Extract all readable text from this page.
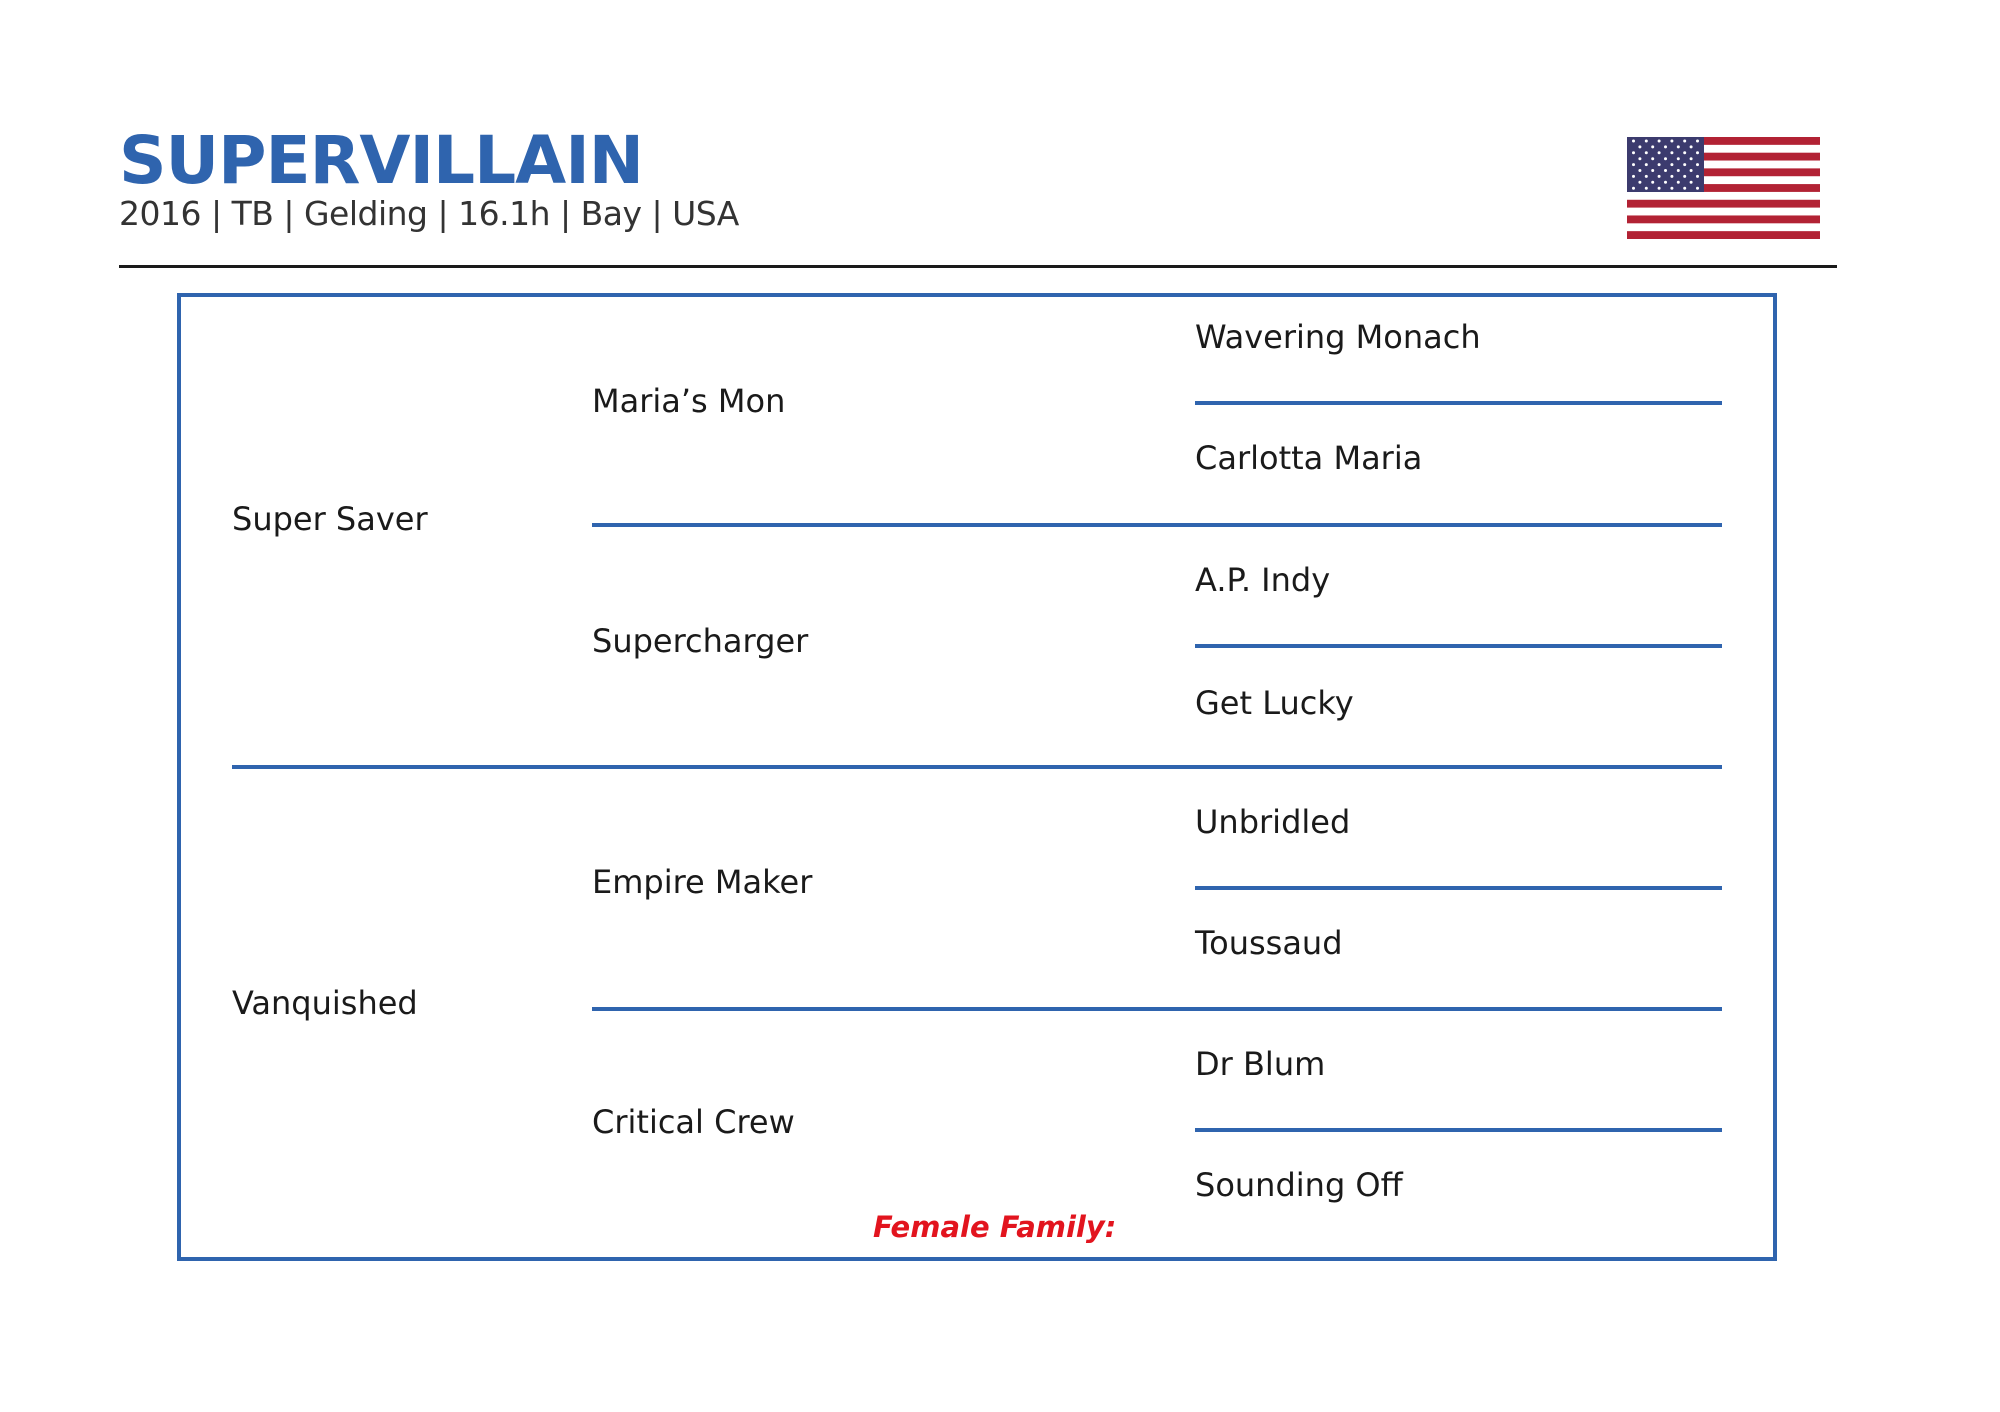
SUPERVILLAIN
2016 | TB | Gelding | 16.1h | Bay | USA
Super Saver
Vanquished
Maria’s Mon
Supercharger
Empire Maker
Critical Crew
Wavering Monach
Carlotta Maria
A.P. Indy
Get Lucky
Unbridled
Toussaud
Dr Blum
Sounding Off
Female Family:
